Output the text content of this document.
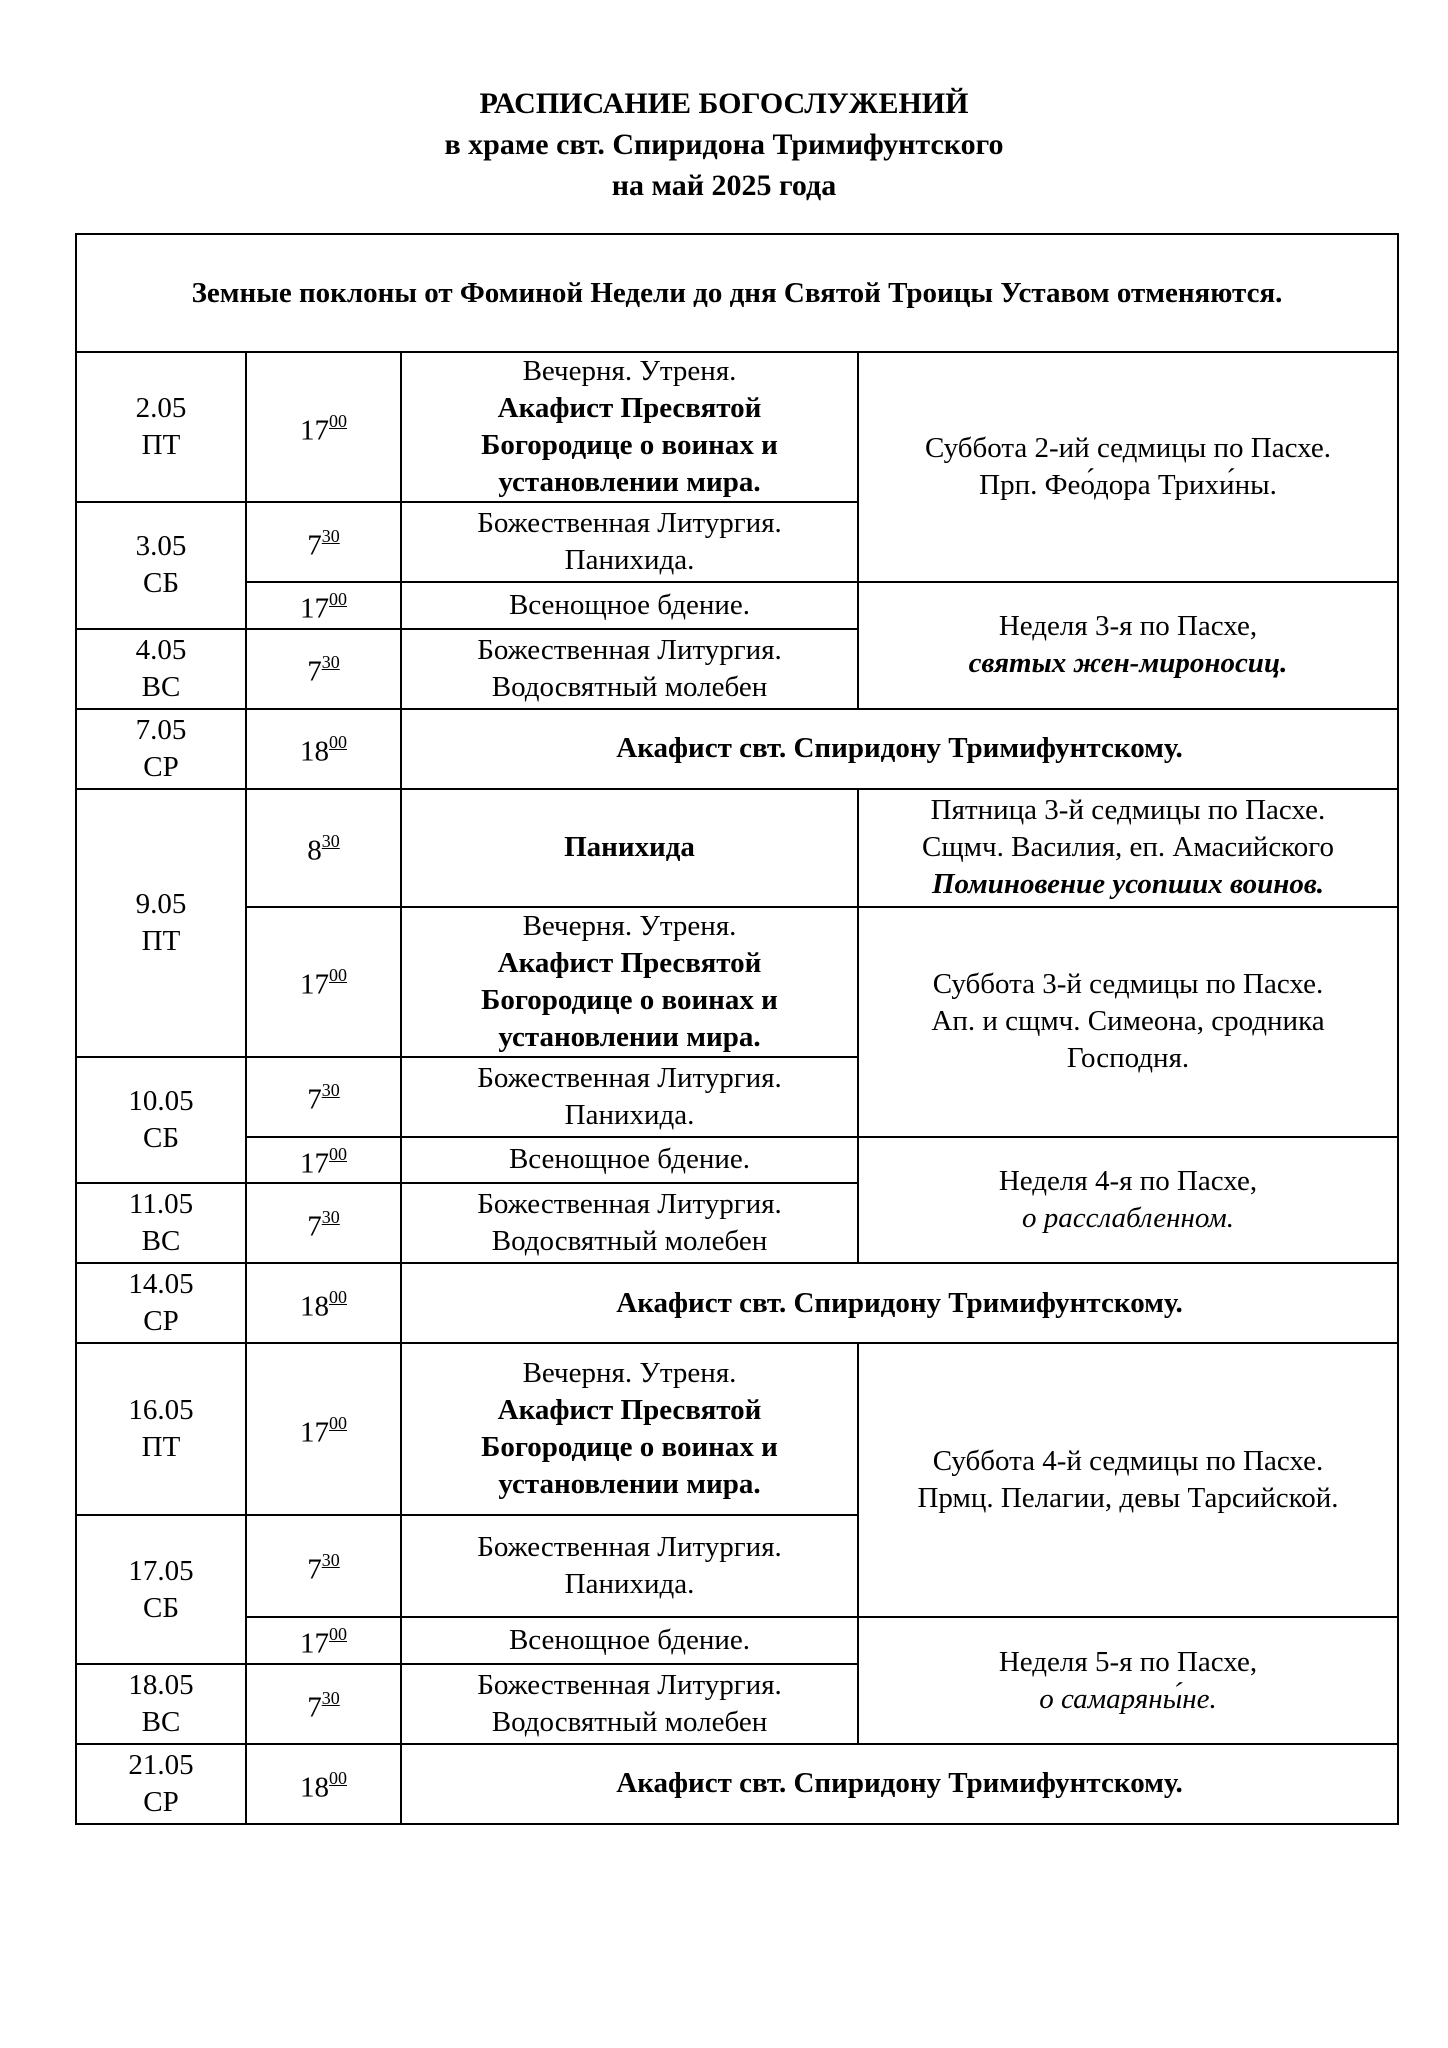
РАСПИСАНИЕ БОГОСЛУЖЕНИЙ
в храме свт. Спиридона Тримифунтского
на май 2025 года
Земные поклоны от Фоминой Недели до дня Святой Троицы Уставом отменяются.			

2.05
ПТ	$17^{00}$	Вечерня. Утреня.
Акафист Пресвятой
Богородице о воинах и
установлении мира.	Суббота 2-ий седмицы по Пасхе.
Прп. Фео́дора Трихи́ны.

3.05
СБ	$7^{30}$	Божественная Литургия.
Панихида.	

	$17^{00}$	Всенощное бдение.	Неделя 3-я по Пасхе,
святых жен-мироносиц.

4.05
ВС	$7^{30}$	Божественная Литургия.
Водосвятный молебен	

7.05
СР	$18^{00}$	Акафист свт. Спиридону Тримифунтскому.	

9.05
ПТ	$8^{30}$	Панихида	Пятница 3-й седмицы по Пасхе.
Сщмч. Василия, еп. Амасийского
Поминовение усопших воинов.

	$17^{00}$	Вечерня. Утреня.
Акафист Пресвятой
Богородице о воинах и
установлении мира.	Суббота 3-й седмицы по Пасхе.
Ап. и сщмч. Симеона, сродника
Господня.

10.05
СБ	$7^{30}$	Божественная Литургия.
Панихида.	

	$17^{00}$	Всенощное бдение.	Неделя 4-я по Пасхе,
о расслабленном.

11.05
ВС	$7^{30}$	Божественная Литургия.
Водосвятный молебен	

14.05
СР	$18^{00}$	Акафист свт. Спиридону Тримифунтскому.	

16.05
ПТ	$17^{00}$	Вечерня. Утреня.
Акафист Пресвятой
Богородице о воинах и
установлении мира.	Суббота 4-й седмицы по Пасхе.
Прмц. Пелагии, девы Тарсийской.

17.05
СБ	$7^{30}$	Божественная Литургия.
Панихида.	

	$17^{00}$	Всенощное бдение.	Неделя 5-я по Пасхе,
о самаряны́не.

18.05
ВС	$7^{30}$	Божественная Литургия.
Водосвятный молебен	

21.05
СР	$18^{00}$	Акафист свт. Спиридону Тримифунтскому.	
